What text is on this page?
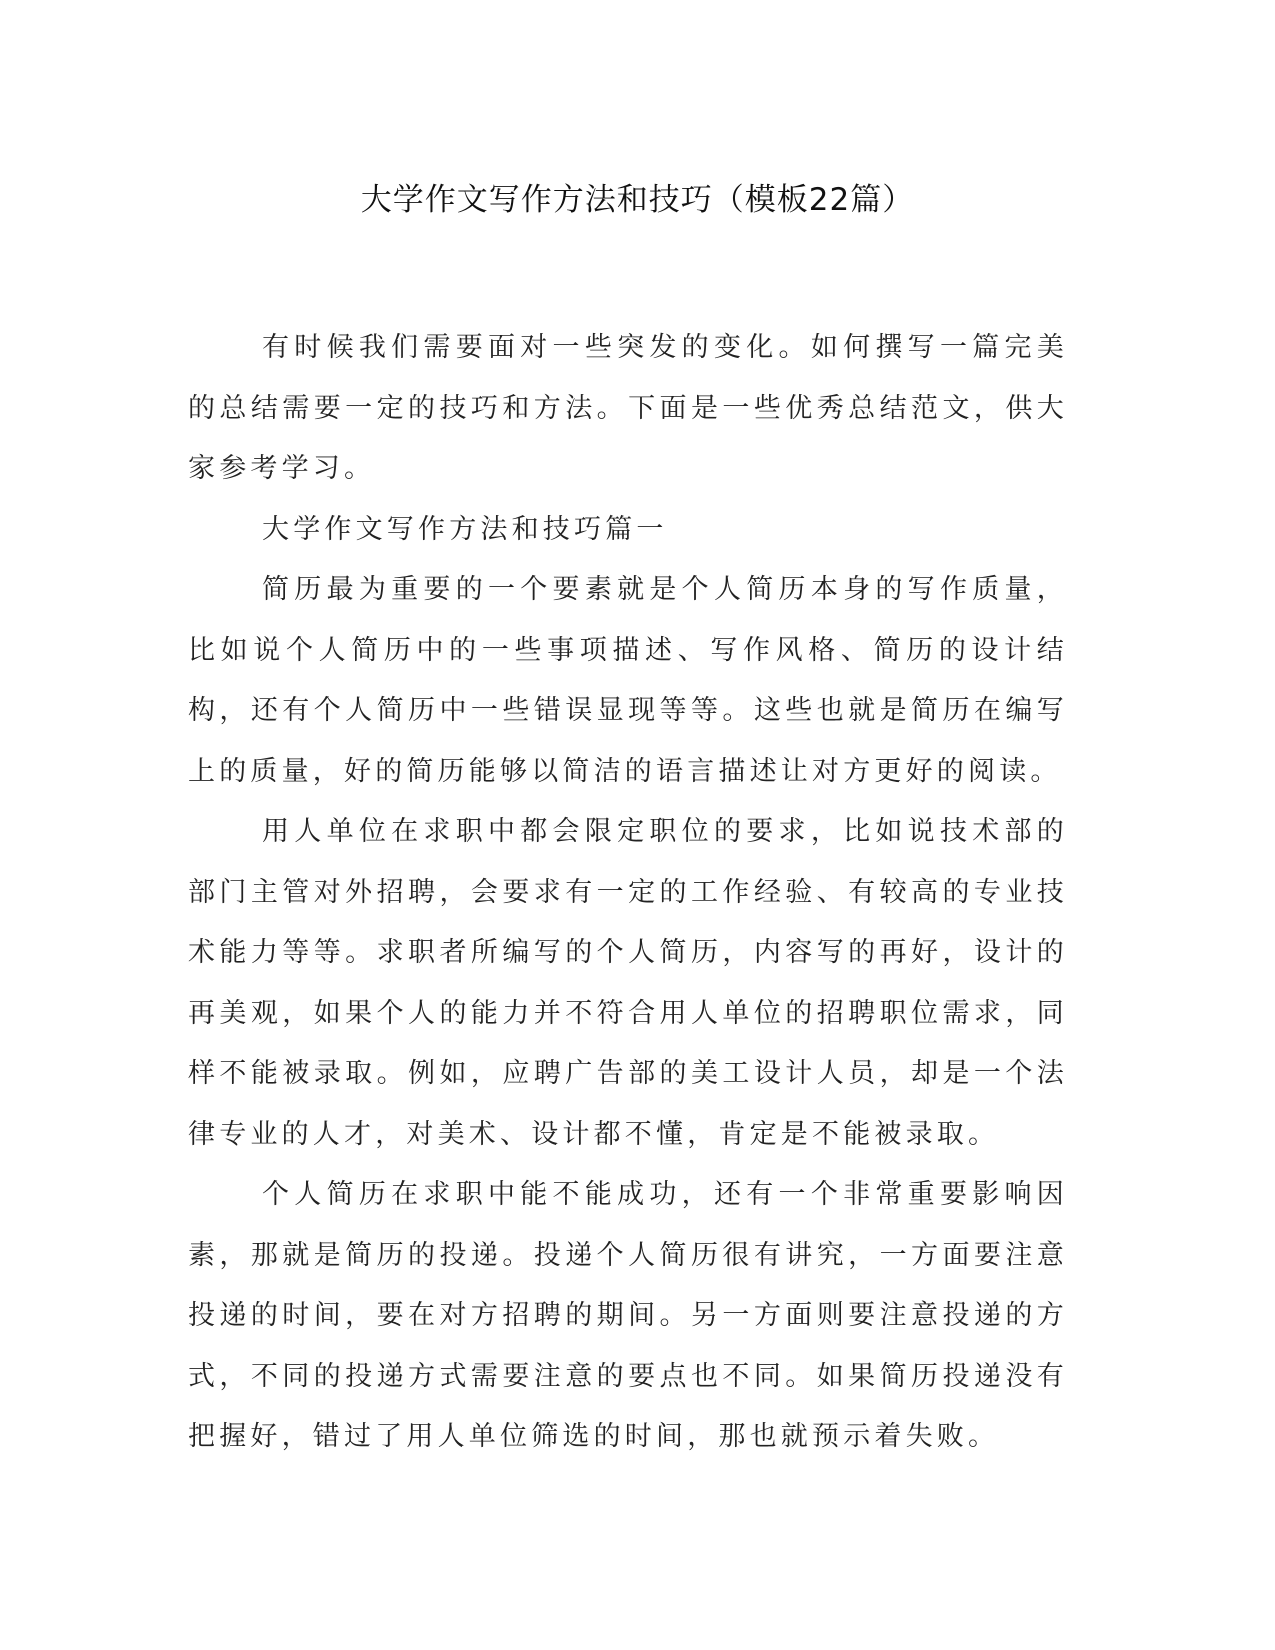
大学作文写作方法和技巧（模板22篇）

有时候我们需要面对一些突发的变化。如何撰写一篇完美的总结需要一定的技巧和方法。下面是一些优秀总结范文，供大家参考学习。

大学作文写作方法和技巧篇一

简历最为重要的一个要素就是个人简历本身的写作质量，比如说个人简历中的一些事项描述、写作风格、简历的设计结构，还有个人简历中一些错误显现等等。这些也就是简历在编写上的质量，好的简历能够以简洁的语言描述让对方更好的阅读。

用人单位在求职中都会限定职位的要求，比如说技术部的部门主管对外招聘，会要求有一定的工作经验、有较高的专业技术能力等等。求职者所编写的个人简历，内容写的再好，设计的再美观，如果个人的能力并不符合用人单位的招聘职位需求，同样不能被录取。例如，应聘广告部的美工设计人员，却是一个法律专业的人才，对美术、设计都不懂，肯定是不能被录取。

个人简历在求职中能不能成功，还有一个非常重要影响因素，那就是简历的投递。投递个人简历很有讲究，一方面要注意投递的时间，要在对方招聘的期间。另一方面则要注意投递的方式，不同的投递方式需要注意的要点也不同。如果简历投递没有把握好，错过了用人单位筛选的时间，那也就预示着失败。
